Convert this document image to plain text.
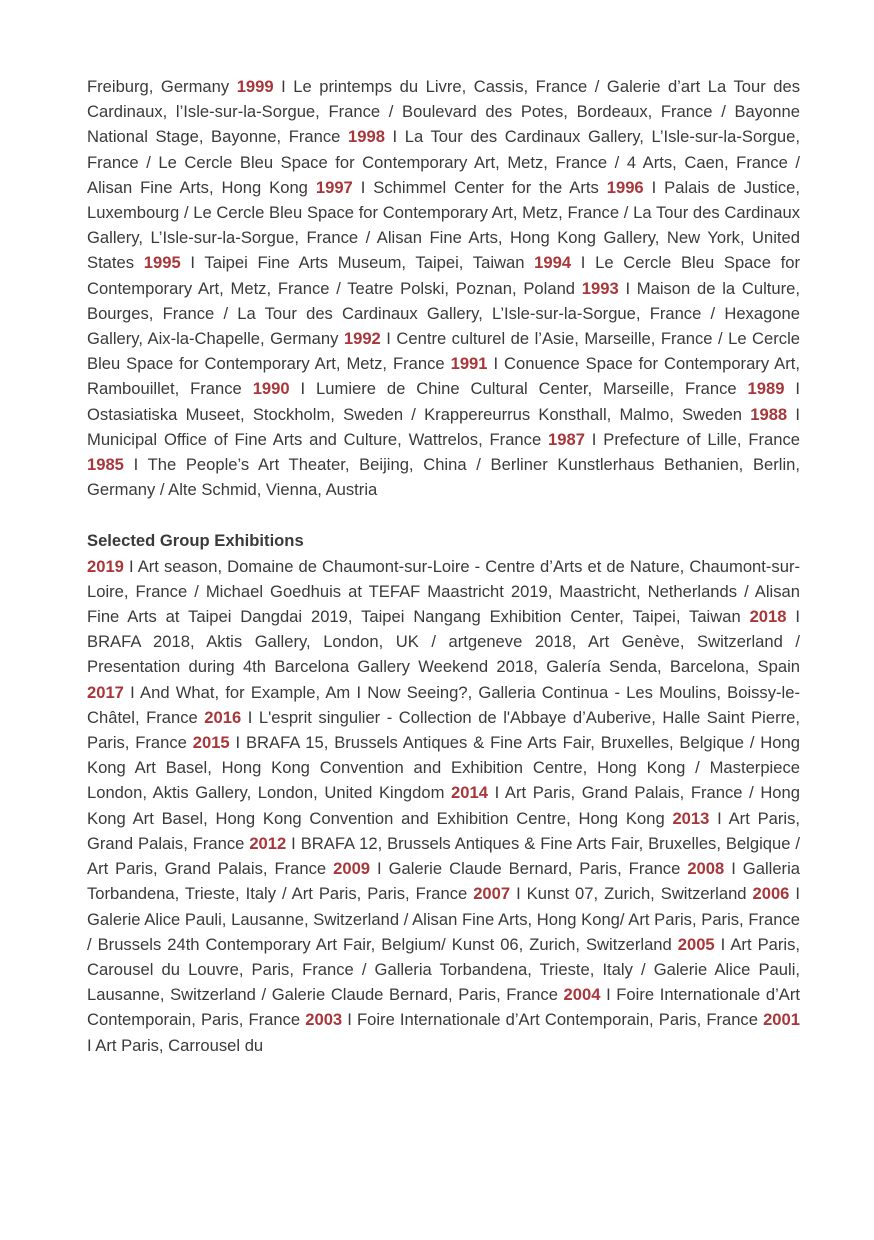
Freiburg, Germany 1999 I Le printemps du Livre, Cassis, France / Galerie d’art La Tour des Cardinaux, l’Isle-sur-la-Sorgue, France / Boulevard des Potes, Bordeaux, France / Bayonne National Stage, Bayonne, France 1998 I La Tour des Cardinaux Gallery, L’Isle-sur-la-Sorgue, France / Le Cercle Bleu Space for Contemporary Art, Metz, France / 4 Arts, Caen, France / Alisan Fine Arts, Hong Kong 1997 I Schimmel Center for the Arts 1996 I Palais de Justice, Luxembourg / Le Cercle Bleu Space for Contemporary Art, Metz, France / La Tour des Cardinaux Gallery, L’Isle-sur-la-Sorgue, France / Alisan Fine Arts, Hong Kong Gallery, New York, United States 1995 I Taipei Fine Arts Museum, Taipei, Taiwan 1994 I Le Cercle Bleu Space for Contemporary Art, Metz, France / Teatre Polski, Poznan, Poland 1993 I Maison de la Culture, Bourges, France / La Tour des Cardinaux Gallery, L’Isle-sur-la-Sorgue, France / Hexagone Gallery, Aix-la-Chapelle, Germany 1992 I Centre culturel de l’Asie, Marseille, France / Le Cercle Bleu Space for Contemporary Art, Metz, France 1991 I Conuence Space for Contemporary Art, Rambouillet, France 1990 I Lumiere de Chine Cultural Center, Marseille, France 1989 I Ostasiatiska Museet, Stockholm, Sweden / Krappereurrus Konsthall, Malmo, Sweden 1988 I Municipal Office of Fine Arts and Culture, Wattrelos, France 1987 I Prefecture of Lille, France 1985 I The People’s Art Theater, Beijing, China / Berliner Kunstlerhaus Bethanien, Berlin, Germany / Alte Schmid, Vienna, Austria

Selected Group Exhibitions

2019 I Art season, Domaine de Chaumont-sur-Loire - Centre d’Arts et de Nature, Chaumont-sur-Loire, France / Michael Goedhuis at TEFAF Maastricht 2019, Maastricht, Netherlands / Alisan Fine Arts at Taipei Dangdai 2019, Taipei Nangang Exhibition Center, Taipei, Taiwan 2018 I BRAFA 2018, Aktis Gallery, London, UK / artgeneve 2018, Art Genève, Switzerland / Presentation during 4th Barcelona Gallery Weekend 2018, Galería Senda, Barcelona, Spain 2017 I And What, for Example, Am I Now Seeing?, Galleria Continua - Les Moulins, Boissy-le-Châtel, France 2016 I L'esprit singulier - Collection de l'Abbaye d’Auberive, Halle Saint Pierre, Paris, France 2015 I BRAFA 15, Brussels Antiques & Fine Arts Fair, Bruxelles, Belgique / Hong Kong Art Basel, Hong Kong Convention and Exhibition Centre, Hong Kong / Masterpiece London, Aktis Gallery, London, United Kingdom 2014 I Art Paris, Grand Palais, France / Hong Kong Art Basel, Hong Kong Convention and Exhibition Centre, Hong Kong 2013 I Art Paris, Grand Palais, France 2012 I BRAFA 12, Brussels Antiques & Fine Arts Fair, Bruxelles, Belgique / Art Paris, Grand Palais, France 2009 I Galerie Claude Bernard, Paris, France 2008 I Galleria Torbandena, Trieste, Italy / Art Paris, Paris, France 2007 I Kunst 07, Zurich, Switzerland 2006 I Galerie Alice Pauli, Lausanne, Switzerland / Alisan Fine Arts, Hong Kong/ Art Paris, Paris, France / Brussels 24th Contemporary Art Fair, Belgium/ Kunst 06, Zurich, Switzerland 2005 I Art Paris, Carousel du Louvre, Paris, France / Galleria Torbandena, Trieste, Italy / Galerie Alice Pauli, Lausanne, Switzerland / Galerie Claude Bernard, Paris, France 2004 I Foire Internationale d’Art Contemporain, Paris, France 2003 I Foire Internationale d’Art Contemporain, Paris, France 2001 I Art Paris, Carrousel du
